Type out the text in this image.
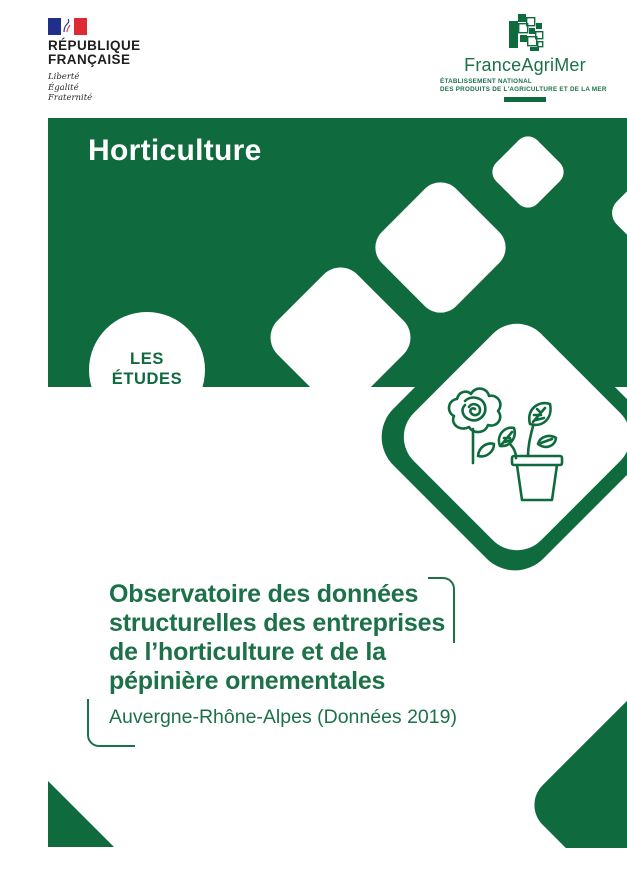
RÉPUBLIQUE
FRANÇAISE
Liberté
Égalité
Fraternité
FranceAgriMer
ÉTABLISSEMENT NATIONAL
DES PRODUITS DE L'AGRICULTURE ET DE LA MER
Horticulture
LES
ÉTUDES
Observatoire des données
structurelles des entreprises
de l’horticulture et de la
pépinière ornementales
Auvergne-Rhône-Alpes (Données 2019)
